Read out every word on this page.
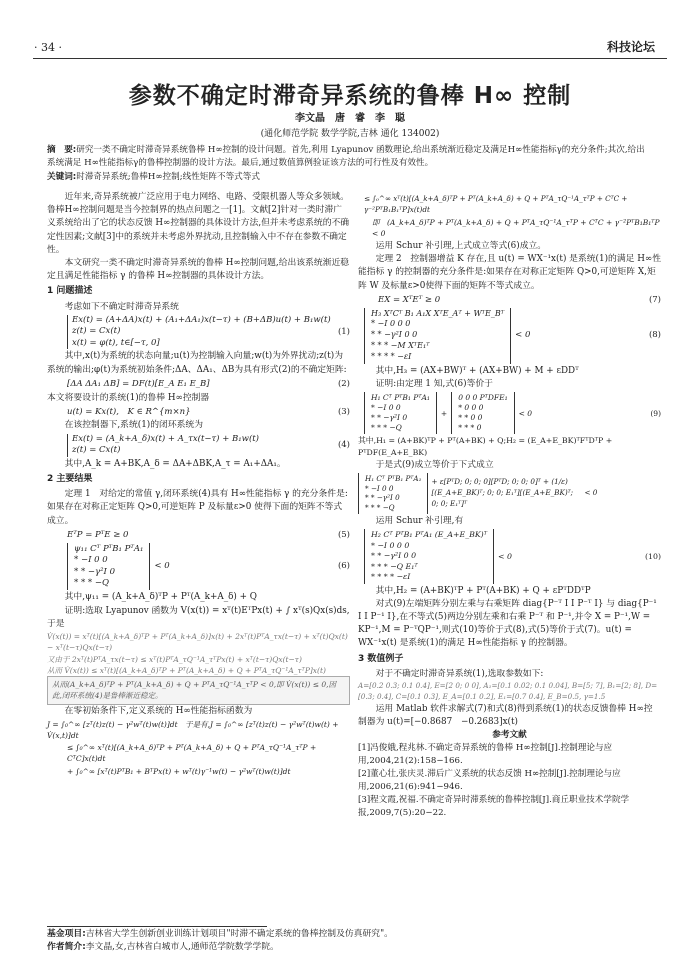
· 34 ·	科技论坛
参数不确定时滞奇异系统的鲁棒 H∞ 控制
李文晶　唐　睿　李　聪
(通化师范学院 数学学院,吉林 通化 134002)
摘　要:研究一类不确定时滞奇异系统鲁棒 H∞控制的设计问题。首先,利用 Lyapunov 函数理论,给出系统渐近稳定及满足H∞性能指标γ的充分条件;其次,给出系统满足 H∞性能指标γ的鲁棒控制器的设计方法。最后,通过数值算例验证该方法的可行性及有效性。
关键词:时滞奇异系统;鲁棒H∞控制;线性矩阵不等式等式

近年来,奇异系统被广泛应用于电力网络、电路、受限机器人等众多领域。鲁棒H∞控制问题是当今控制界的热点问题之一[1]。文献[2]针对一类时滞广义系统给出了它的状态反馈 H∞控制器的具体设计方法,但并未考虑系统的不确定性因素;文献[3]中的系统并未考虑外界扰动,且控制输入中不存在参数不确定性。

本文研究一类不确定时滞奇异系统的鲁棒 H∞控制问题,给出该系统渐近稳定且满足性能指标 γ 的鲁棒 H∞控制器的具体设计方法。

1 问题描述

考虑如下不确定时滞奇异系统

Ex(t) = (A+ΔA)x(t) + (A₁+ΔA₁)x(t−τ) + (B+ΔB)u(t) + B₁w(t)
z(t) = Cx(t)
x(t) = φ(t), t∈[−τ, 0]
(1)

其中,x(t)为系统的状态向量;u(t)为控制输入向量;w(t)为外界扰动;z(t)为系统的输出;φ(t)为系统初始条件;ΔA、ΔA₁、ΔB为具有形式(2)的不确定矩阵:

[ΔA ΔA₁ ΔB] = DF(t)[E_A E₁ E_B]	(2)

本文将要设计的系统(1)的鲁棒 H∞控制器

u(t) = Kx(t),　K ∈ R^{m×n}	(3)

在该控制器下,系统(1)的闭环系统为

Ex(t) = (A_k+A_δ)x(t) + A_τx(t−τ) + B₁w(t)
z(t) = Cx(t)
(4)

其中,A_k = A+BK,A_δ = ΔA+ΔBK,A_τ = A₁+ΔA₁。

2 主要结果

定理 1　对给定的常值 γ,闭环系统(4)具有 H∞性能指标 γ 的充分条件是:如果存在对称正定矩阵 Q>0,可逆矩阵 P 及标量ε>0 使得下面的矩阵不等式成立。

EᵀP = PᵀE ≥ 0	(5)
ψ₁₁ Cᵀ PᵀB₁ PᵀA₁
* −I 0 0
* * −γ²I 0
* * * −Q
< 0	(6)

其中,ψ₁₁ = (A_k+A_δ)ᵀP + Pᵀ(A_k+A_δ) + Q

证明:选取 Lyapunov 函数为 V(x(t)) = xᵀ(t)EᵀPx(t) + ∫ xᵀ(s)Qx(s)ds,于是

V̇(x(t)) = xᵀ(t)[(A_k+A_δ)ᵀP + Pᵀ(A_k+A_δ)]x(t) + 2xᵀ(t)PᵀA_τx(t−τ) + xᵀ(t)Qx(t) − xᵀ(t−τ)Qx(t−τ)
又由于 2xᵀ(t)PᵀA_τx(t−τ) ≤ xᵀ(t)PᵀA_τQ⁻¹A_τᵀPx(t) + xᵀ(t−τ)Qx(t−τ)
从而 V̇(x(t)) ≤ xᵀ(t)[(A_k+A_δ)ᵀP + Pᵀ(A_k+A_δ) + Q + PᵀA_τQ⁻¹A_τᵀP]x(t)
从而(A_k+A_δ)ᵀP + Pᵀ(A_k+A_δ) + Q + PᵀA_τQ⁻¹A_τᵀP < 0,即 V̇(x(t)) ≤ 0,因此,闭环系统(4)是鲁棒渐近稳定。

在零初始条件下,定义系统的 H∞性能指标函数为

J = ∫₀^∞ [zᵀ(t)z(t) − γ²wᵀ(t)w(t)]dt　于是有,J = ∫₀^∞ [zᵀ(t)z(t) − γ²wᵀ(t)w(t) + V̇(x,t)]dt
≤ ∫₀^∞ xᵀ(t)[(A_k+A_δ)ᵀP + Pᵀ(A_k+A_δ) + Q + PᵀA_τQ⁻¹A_τᵀP + CᵀC]x(t)dt
+ ∫₀^∞ [xᵀ(t)PᵀB₁ + BᵀPx(t) + wᵀ(t)γ⁻¹w(t) − γ²wᵀ(t)w(t)]dt
≤ ∫₀^∞ xᵀ(t)[(A_k+A_δ)ᵀP + Pᵀ(A_k+A_δ) + Q + PᵀA_τQ⁻¹A_τᵀP + CᵀC + γ⁻²PᵀB₁B₁ᵀP]x(t)dt
即　(A_k+A_δ)ᵀP + Pᵀ(A_k+A_δ) + Q + PᵀA_τQ⁻¹A_τᵀP + CᵀC + γ⁻²PᵀB₁B₁ᵀP < 0

运用 Schur 补引理,上式成立等式(6)成立。

定理 2　控制器增益 K 存在,且 u(t) = WX⁻¹x(t) 是系统(1)的满足 H∞性能指标 γ 的控制器的充分条件是:如果存在对称正定矩阵 Q>0,可逆矩阵 X,矩阵 W 及标量ε>0使得下面的矩阵不等式成立。

EX = XᵀEᵀ ≥ 0	(7)
H₃ XᵀCᵀ B₁ A₁X XᵀE_Aᵀ + WᵀE_Bᵀ
* −I 0 0 0
* * −γ²I 0 0
* * * −M XᵀE₁ᵀ
* * * * −εI
< 0	(8)

其中,H₃ = (AX+BW)ᵀ + (AX+BW) + M + εDDᵀ

证明:由定理 1 知,式(6)等价于

H₁ Cᵀ PᵀB₁ PᵀA₁
* −I 0 0
* * −γ²I 0
* * * −Q
+
0 0 0 PᵀDFE₁
* 0 0 0
* * 0 0
* * * 0
< 0	(9)

其中,H₁ = (A+BK)ᵀP + Pᵀ(A+BK) + Q;H₂ = (E_A+E_BK)ᵀFᵀDᵀP + PᵀDF(E_A+E_BK)

于是式(9)成立等价于下式成立

H₁ Cᵀ PᵀB₁ PᵀA₁
* −I 0 0
* * −γ²I 0
* * * −Q
+ ε[PᵀD; 0; 0; 0][PᵀD; 0; 0; 0]ᵀ + (1/ε)[(E_A+E_BK)ᵀ; 0; 0; E₁ᵀ][(E_A+E_BK)ᵀ; 0; 0; E₁ᵀ]ᵀ
< 0

运用 Schur 补引理,有

H₂ Cᵀ PᵀB₁ PᵀA₁ (E_A+E_BK)ᵀ
* −I 0 0 0
* * −γ²I 0 0
* * * −Q E₁ᵀ
* * * * −εI
< 0	(10)

其中,H₂ = (A+BK)ᵀP + Pᵀ(A+BK) + Q + εPᵀDDᵀP

对式(9)左端矩阵分别左乘与右乘矩阵 diag{P⁻ᵀ I I P⁻ᵀ I} 与 diag{P⁻¹ I I P⁻¹ I},在不等式(5)两边分别左乘和右乘 P⁻ᵀ 和 P⁻¹,并令 X = P⁻¹,W = KP⁻¹,M = P⁻ᵀQP⁻¹,则式(10)等价于式(8),式(5)等价于式(7)。u(t) = WX⁻¹x(t) 是系统(1)的满足 H∞性能指标 γ 的控制器。

3 数值例子

对于不确定时滞奇异系统(1),选取参数如下:

A=[0.2 0.3; 0.1 0.4], E=[2 0; 0 0], A₁=[0.1 0.02; 0.1 0.04], B=[5; 7], B₁=[2; 8], D=[0.3; 0.4], C=[0.1 0.3], E_A=[0.1 0.2], E₁=[0.7 0.4], E_B=0.5, γ=1.5

运用 Matlab 软件求解式(7)和式(8)得到系统(1)的状态反馈鲁棒 H∞控制器为 u(t)=[−0.8687　−0.2683]x(t)

参考文献
[1]冯俊娥,程兆林.不确定奇异系统的鲁棒 H∞控制[J].控制理论与应用,2004,21(2):158−166.
[2]董心壮,张庆灵.滞后广义系统的状态反馈 H∞控制[J].控制理论与应用,2006,21(6):941−946.
[3]程文霞,祝福.不确定奇异时滞系统的鲁棒控制[J].商丘职业技术学院学报,2009,7(5):20−22.
基金项目:吉林省大学生创新创业训练计划项目"时滞不确定系统的鲁棒控制及仿真研究"。
作者简介:李文晶,女,吉林省白城市人,通师范学院数学学院。
